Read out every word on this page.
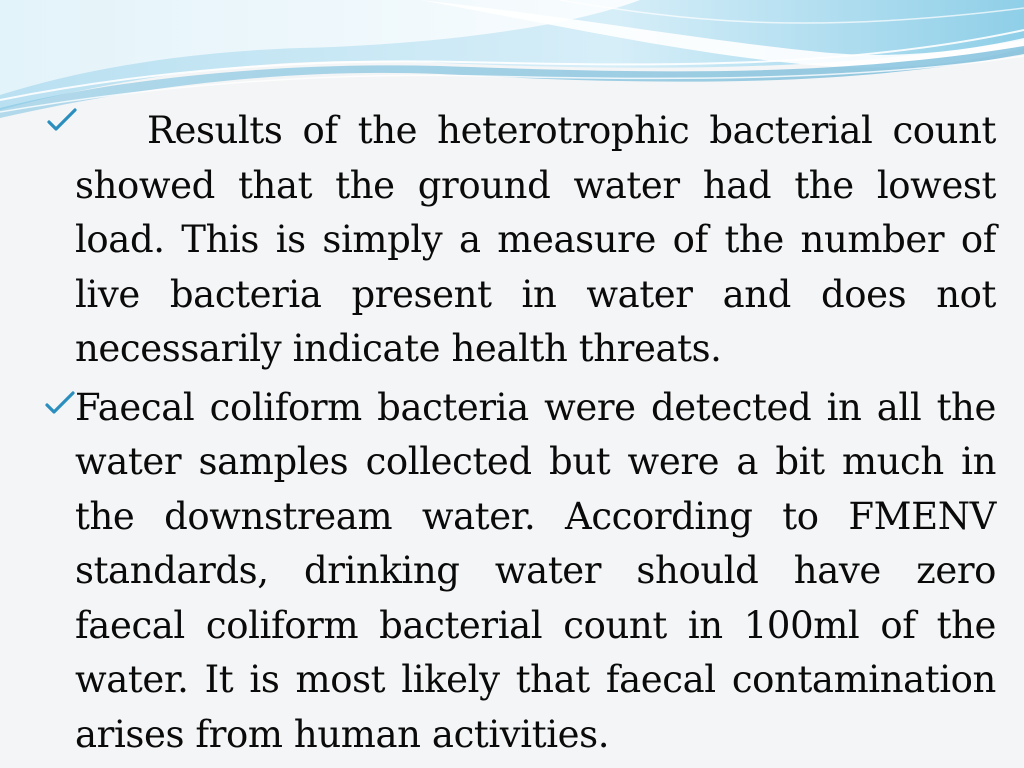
Results of the heterotrophic bacterial count showed that the ground water had the lowest load. This is simply a measure of the number of live bacteria present in water and does not necessarily indicate health threats.
Faecal coliform bacteria were detected in all the water samples collected but were a bit much in the downstream water. According to FMENV standards, drinking water should have zero faecal coliform bacterial count in 100ml of the water. It is most likely that faecal contamination arises from human activities.
